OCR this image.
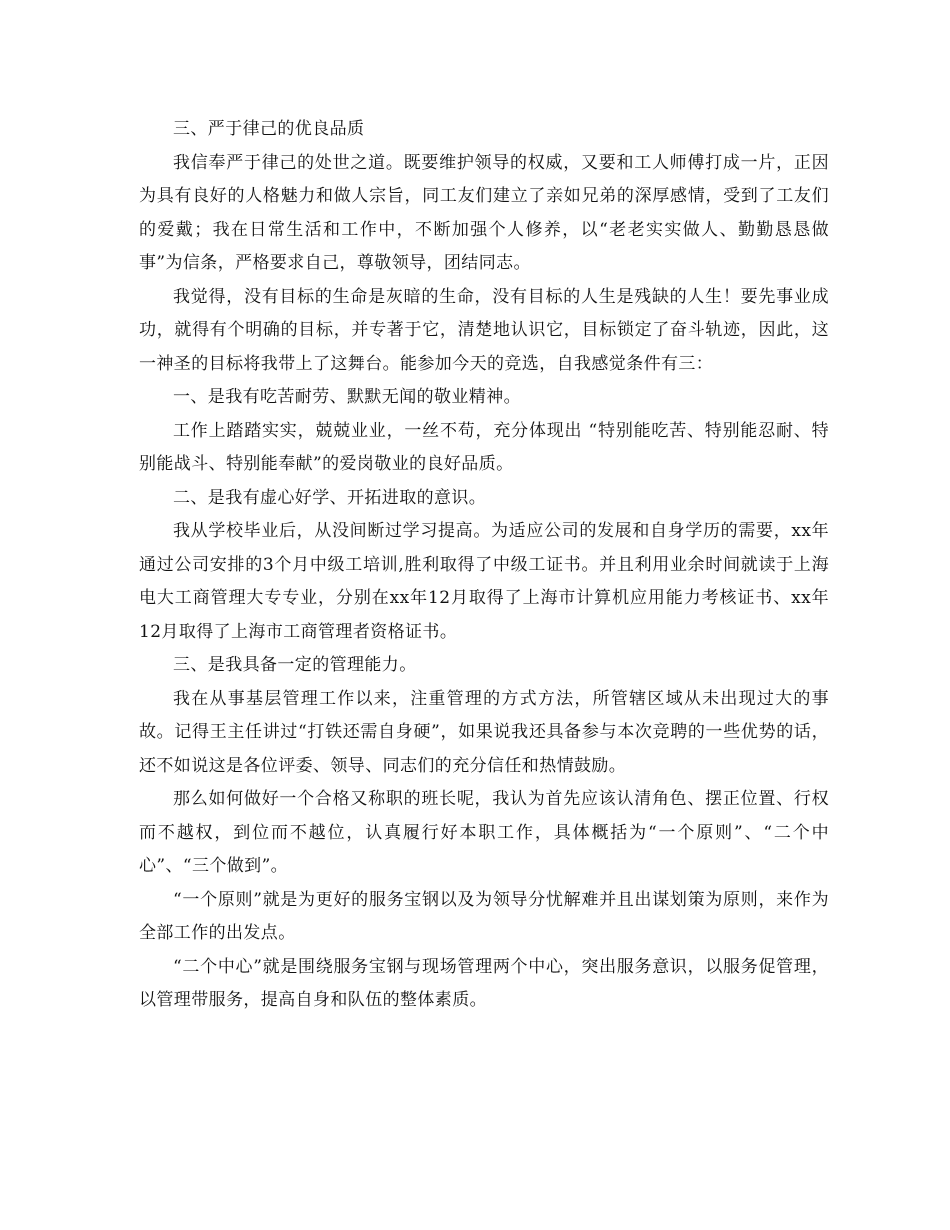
三、严于律己的优良品质

我信奉严于律己的处世之道。既要维护领导的权威，又要和工人师傅打成一片，正因为具有良好的人格魅力和做人宗旨，同工友们建立了亲如兄弟的深厚感情，受到了工友们的爱戴；我在日常生活和工作中，不断加强个人修养，以“老老实实做人、勤勤恳恳做事”为信条，严格要求自己，尊敬领导，团结同志。

我觉得，没有目标的生命是灰暗的生命，没有目标的人生是残缺的人生！要先事业成功，就得有个明确的目标，并专著于它，清楚地认识它，目标锁定了奋斗轨迹，因此，这一神圣的目标将我带上了这舞台。能参加今天的竞选，自我感觉条件有三：

一、是我有吃苦耐劳、默默无闻的敬业精神。

工作上踏踏实实，兢兢业业，一丝不苟，充分体现出 “特别能吃苦、特别能忍耐、特别能战斗、特别能奉献”的爱岗敬业的良好品质。

二、是我有虚心好学、开拓进取的意识。

我从学校毕业后，从没间断过学习提高。为适应公司的发展和自身学历的需要，xx年通过公司安排的3个月中级工培训,胜利取得了中级工证书。并且利用业余时间就读于上海电大工商管理大专专业，分别在xx年12月取得了上海市计算机应用能力考核证书、xx年12月取得了上海市工商管理者资格证书。

三、是我具备一定的管理能力。

我在从事基层管理工作以来，注重管理的方式方法，所管辖区域从未出现过大的事故。记得王主任讲过“打铁还需自身硬”，如果说我还具备参与本次竞聘的一些优势的话，还不如说这是各位评委、领导、同志们的充分信任和热情鼓励。

那么如何做好一个合格又称职的班长呢，我认为首先应该认清角色、摆正位置、行权而不越权，到位而不越位，认真履行好本职工作，具体概括为“一个原则”、“二个中心”、“三个做到”。

“一个原则”就是为更好的服务宝钢以及为领导分忧解难并且出谋划策为原则，来作为全部工作的出发点。

“二个中心”就是围绕服务宝钢与现场管理两个中心，突出服务意识，以服务促管理，以管理带服务，提高自身和队伍的整体素质。
